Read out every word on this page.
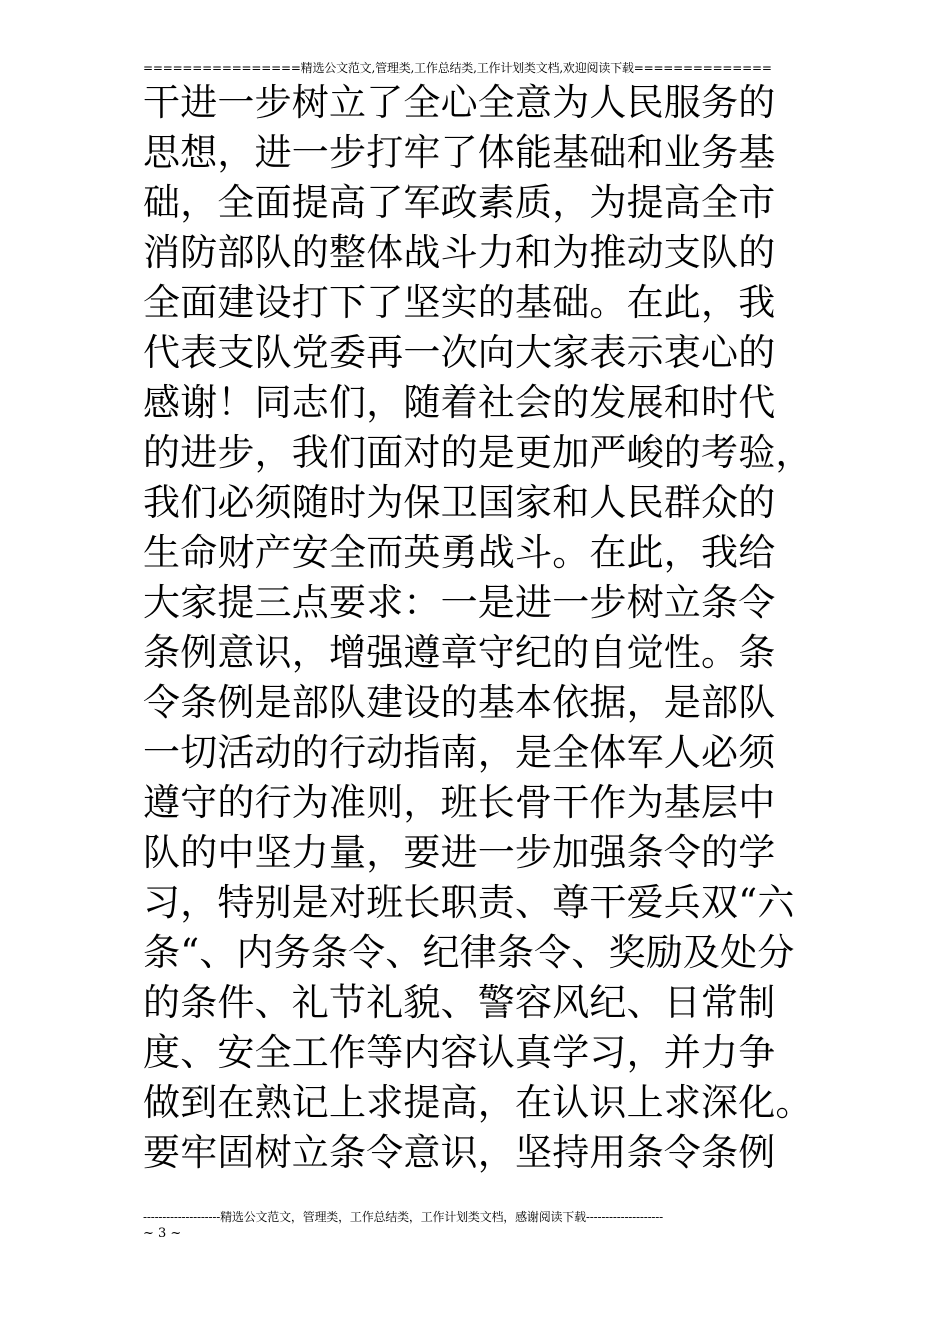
================精选公文范文,管理类,工作总结类,工作计划类文档,欢迎阅读下载==============
干进一步树立了全心全意为人民服务的
思想，进一步打牢了体能基础和业务基
础，全面提高了军政素质，为提高全市
消防部队的整体战斗力和为推动支队的
全面建设打下了坚实的基础。在此，我
代表支队党委再一次向大家表示衷心的
感谢！同志们，随着社会的发展和时代
的进步，我们面对的是更加严峻的考验，
我们必须随时为保卫国家和人民群众的
生命财产安全而英勇战斗。在此，我给
大家提三点要求：一是进一步树立条令
条例意识，增强遵章守纪的自觉性。条
令条例是部队建设的基本依据，是部队
一切活动的行动指南，是全体军人必须
遵守的行为准则，班长骨干作为基层中
队的中坚力量，要进一步加强条令的学
习，特别是对班长职责、尊干爱兵双“六
条“、内务条令、纪律条令、奖励及处分
的条件、礼节礼貌、警容风纪、日常制
度、安全工作等内容认真学习，并力争
做到在熟记上求提高，在认识上求深化。
要牢固树立条令意识，坚持用条令条例
--------------------精选公文范文，管理类，工作总结类，工作计划类文档，感谢阅读下载--------------------
~ 3 ~
